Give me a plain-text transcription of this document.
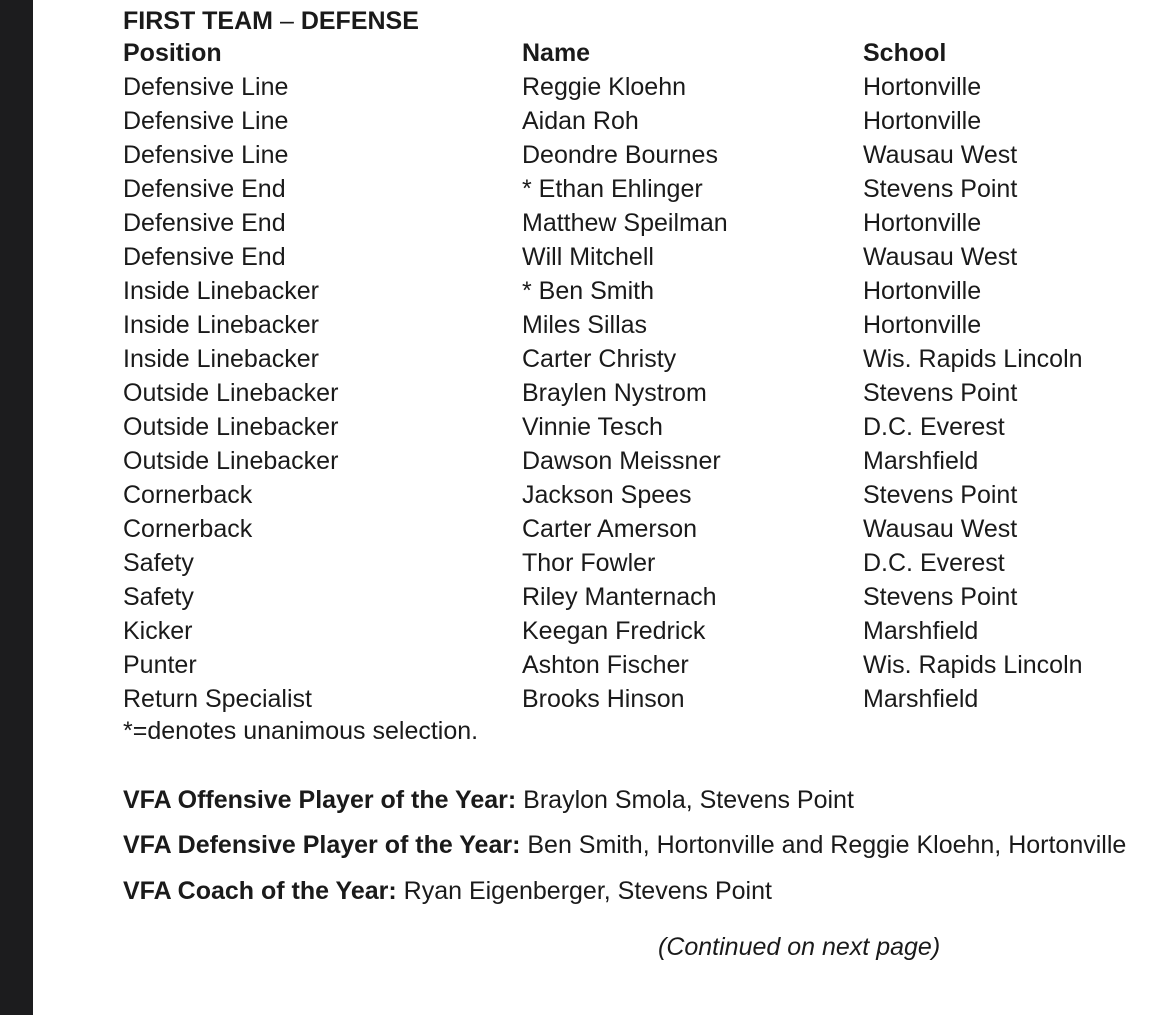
FIRST TEAM – DEFENSE
Position	Name	School
Defensive Line	Reggie Kloehn	Hortonville
Defensive Line	Aidan Roh	Hortonville
Defensive Line	Deondre Bournes	Wausau West
Defensive End	* Ethan Ehlinger	Stevens Point
Defensive End	Matthew Speilman	Hortonville
Defensive End	Will Mitchell	Wausau West
Inside Linebacker	* Ben Smith	Hortonville
Inside Linebacker	Miles Sillas	Hortonville
Inside Linebacker	Carter Christy	Wis. Rapids Lincoln
Outside Linebacker	Braylen Nystrom	Stevens Point
Outside Linebacker	Vinnie Tesch	D.C. Everest
Outside Linebacker	Dawson Meissner	Marshfield
Cornerback	Jackson Spees	Stevens Point
Cornerback	Carter Amerson	Wausau West
Safety	Thor Fowler	D.C. Everest
Safety	Riley Manternach	Stevens Point
Kicker	Keegan Fredrick	Marshfield
Punter	Ashton Fischer	Wis. Rapids Lincoln
Return Specialist	Brooks Hinson	Marshfield
*=denotes unanimous selection.
VFA Offensive Player of the Year: Braylon Smola, Stevens Point
VFA Defensive Player of the Year: Ben Smith, Hortonville and Reggie Kloehn, Hortonville
VFA Coach of the Year: Ryan Eigenberger, Stevens Point
(Continued on next page)
